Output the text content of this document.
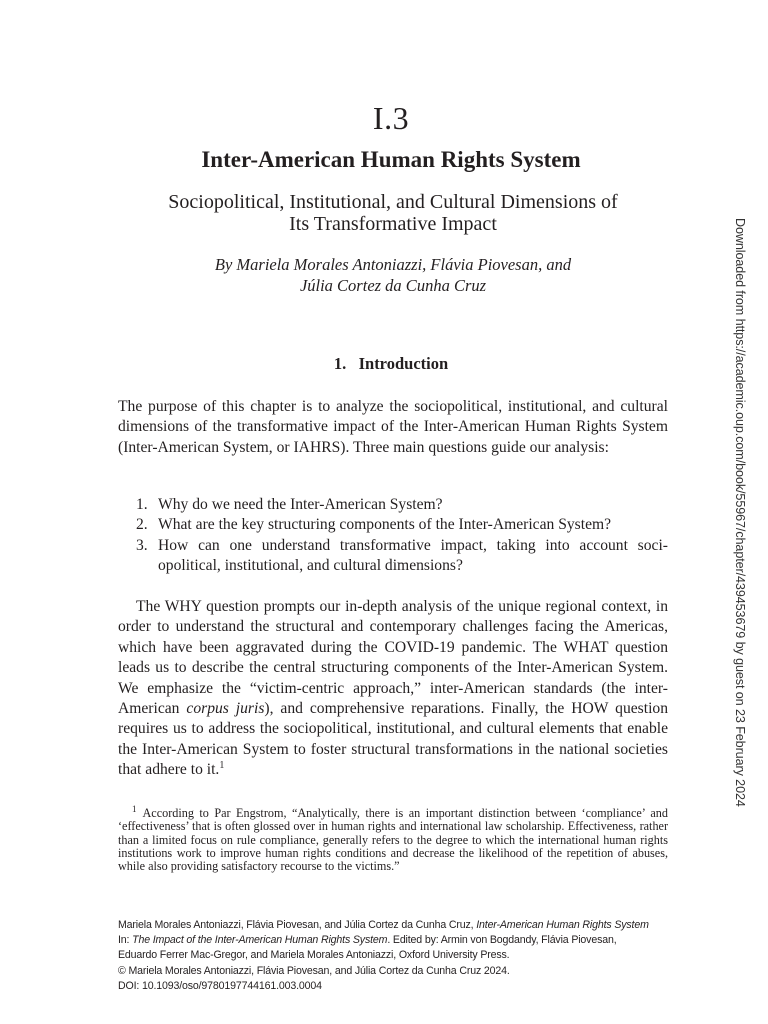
I.3
Inter-American Human Rights System
Sociopolitical, Institutional, and Cultural Dimensions of
Its Transformative Impact
By Mariela Morales Antoniazzi, Flávia Piovesan, and
Júlia Cortez da Cunha Cruz
1.   Introduction
The purpose of this chapter is to analyze the sociopolitical, institutional, and cultural dimensions of the transformative impact of the Inter-American Human Rights System (Inter-American System, or IAHRS). Three main questions guide our analysis:
1. Why do we need the Inter-American System?
2. What are the key structuring components of the Inter-American System?
3. How can one understand transformative impact, taking into account sociopolitical, institutional, and cultural dimensions?
The WHY question prompts our in-depth analysis of the unique regional context, in order to understand the structural and contemporary challenges facing the Americas, which have been aggravated during the COVID-19 pandemic. The WHAT question leads us to describe the central structuring components of the Inter-American System. We emphasize the “victim-centric approach,” inter-American standards (the inter-American corpus juris), and comprehensive reparations. Finally, the HOW question requires us to address the sociopolitical, institutional, and cultural elements that enable the Inter-American System to foster structural transformations in the national societies that adhere to it.$^1$
$^1$ According to Par Engstrom, “Analytically, there is an important distinction between ‘compliance’ and ‘effectiveness’ that is often glossed over in human rights and international law scholarship. Effectiveness, rather than a limited focus on rule compliance, generally refers to the degree to which the international human rights institutions work to improve human rights conditions and decrease the likelihood of the repetition of abuses, while also providing satisfactory recourse to the victims.”
Mariela Morales Antoniazzi, Flávia Piovesan, and Júlia Cortez da Cunha Cruz, Inter-American Human Rights System
In: The Impact of the Inter-American Human Rights System. Edited by: Armin von Bogdandy, Flávia Piovesan,
Eduardo Ferrer Mac-Gregor, and Mariela Morales Antoniazzi, Oxford University Press.
© Mariela Morales Antoniazzi, Flávia Piovesan, and Júlia Cortez da Cunha Cruz 2024.
DOI: 10.1093/oso/9780197744161.003.0004
Downloaded from https://academic.oup.com/book/55967/chapter/439453679 by guest on 23 February 2024
